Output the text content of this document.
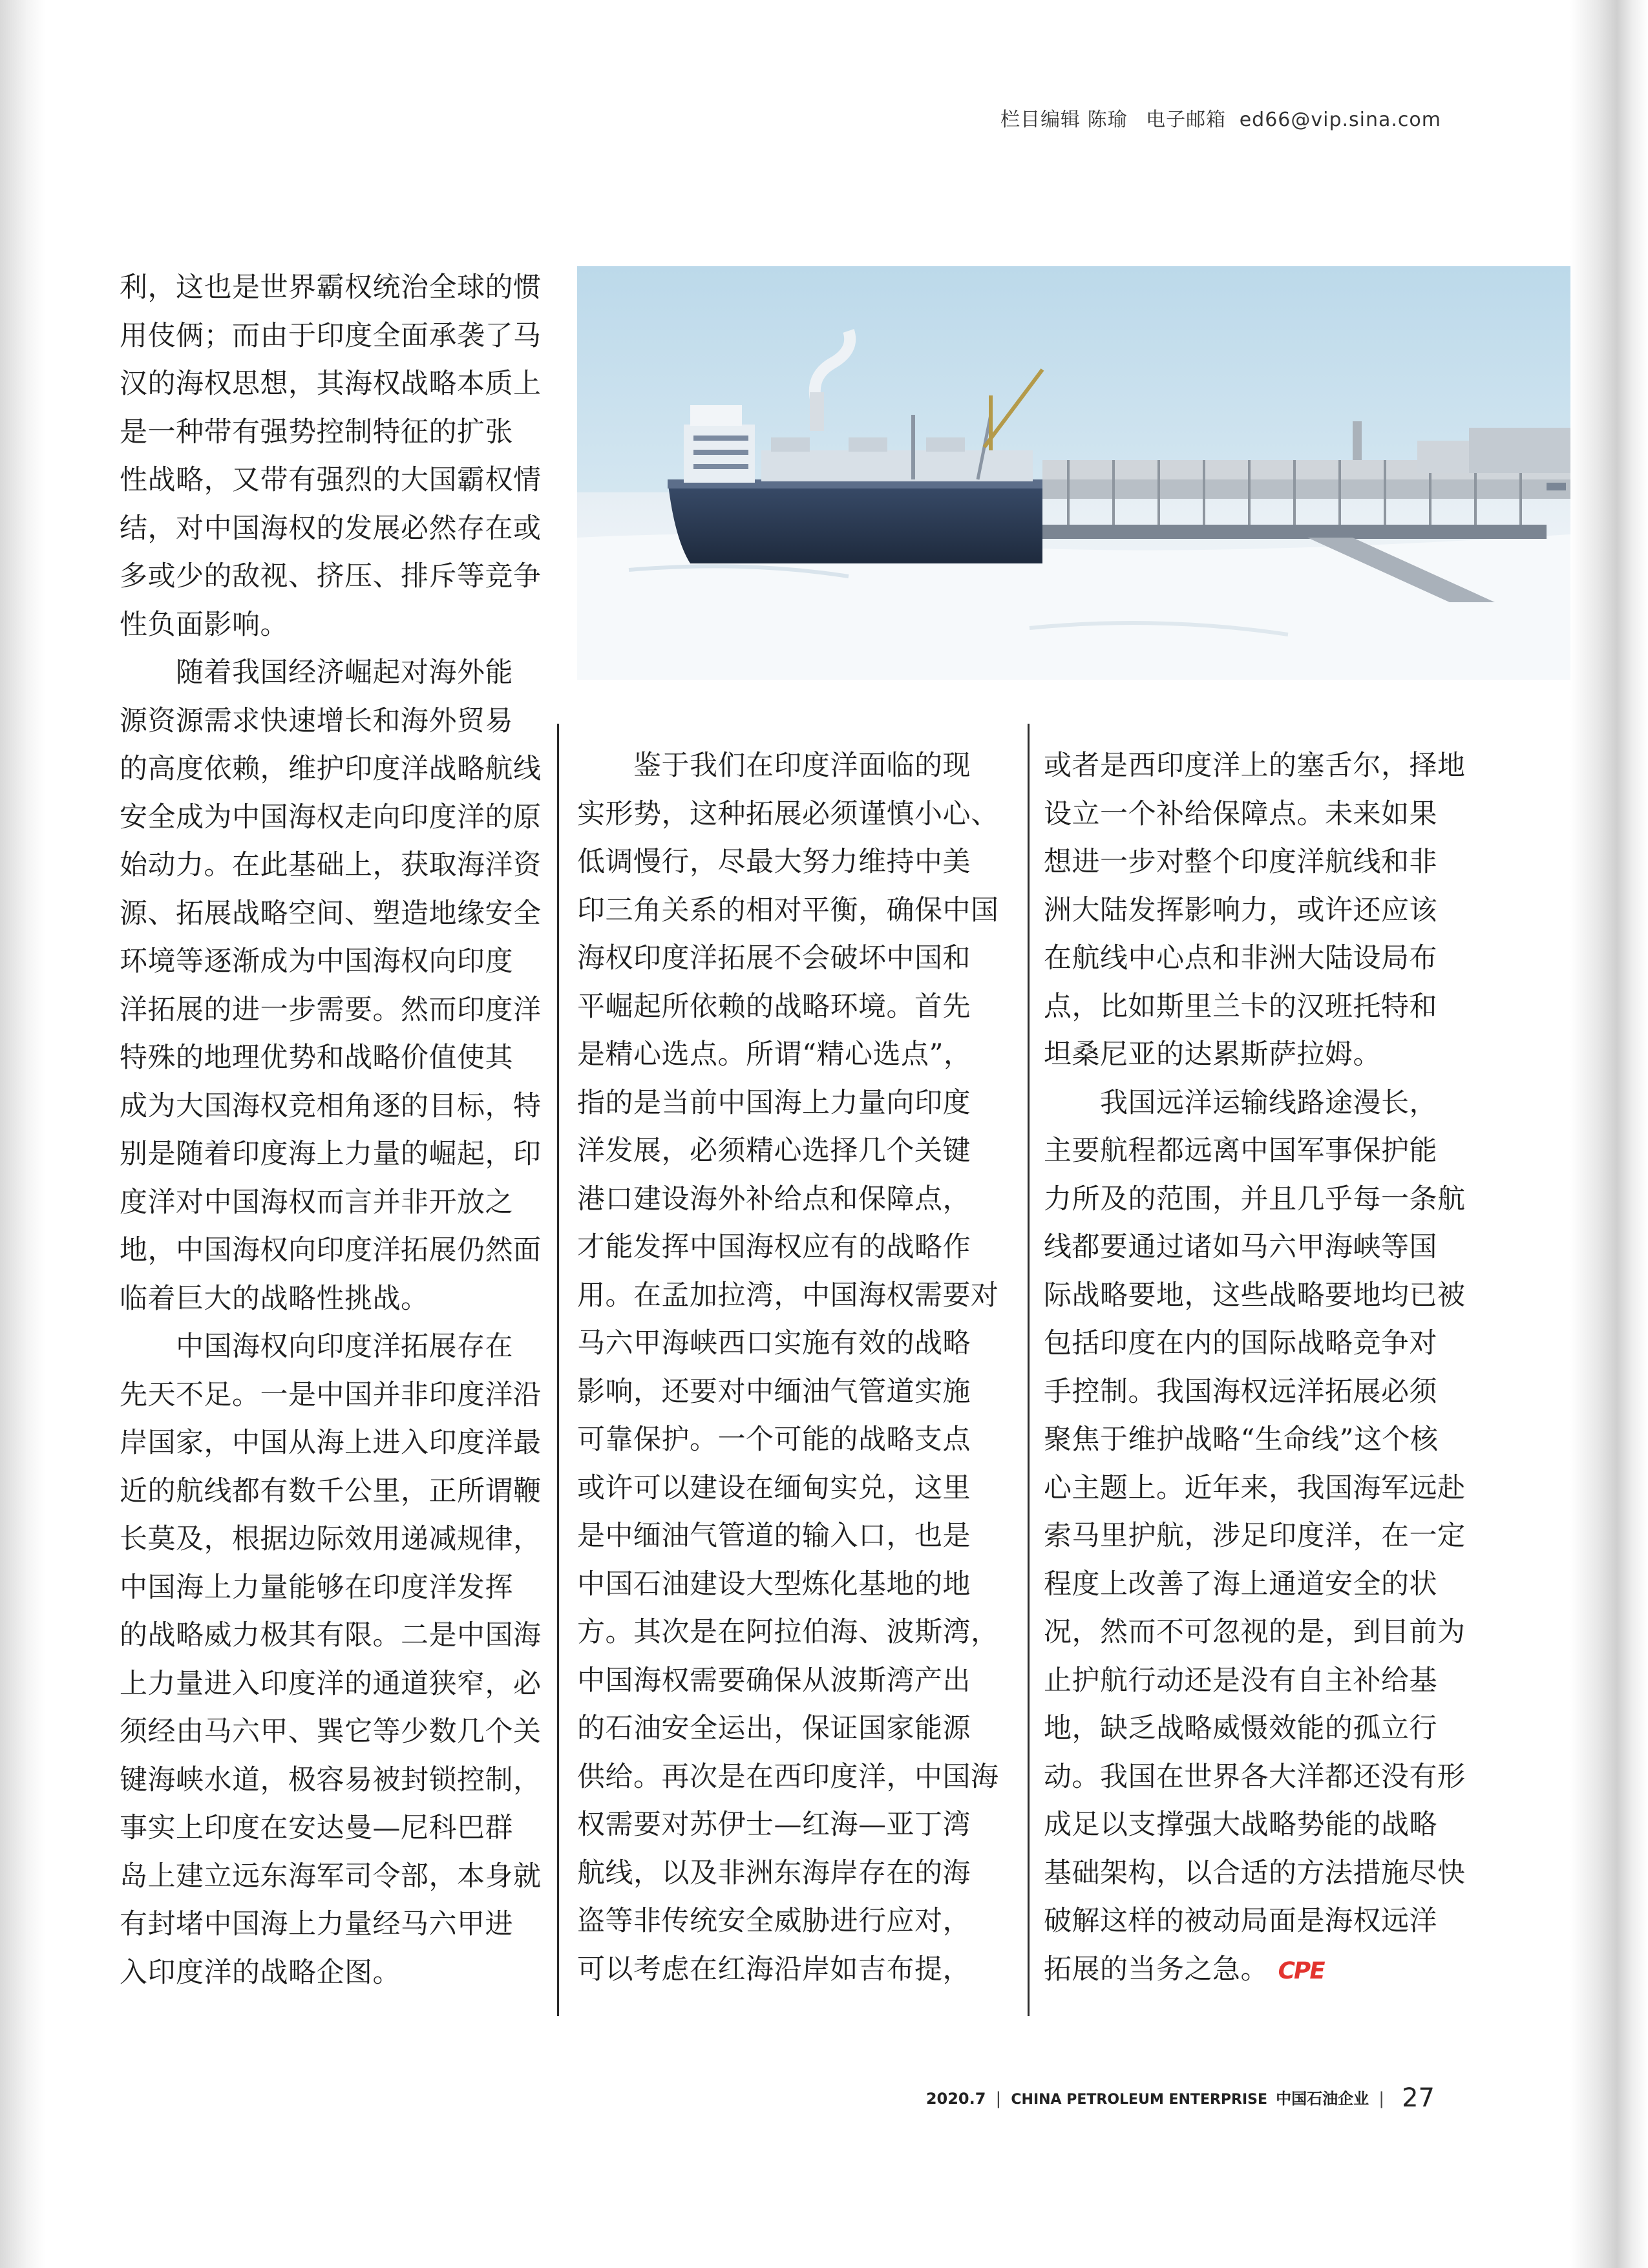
栏目编辑 陈瑜 电子邮箱 ed66@vip.sina.com

利，这也是世界霸权统治全球的惯

用伎俩；而由于印度全面承袭了马

汉的海权思想，其海权战略本质上

是一种带有强势控制特征的扩张

性战略，又带有强烈的大国霸权情

结，对中国海权的发展必然存在或

多或少的敌视、挤压、排斥等竞争

性负面影响。

　　随着我国经济崛起对海外能

源资源需求快速增长和海外贸易

的高度依赖，维护印度洋战略航线

安全成为中国海权走向印度洋的原

始动力。在此基础上，获取海洋资

源、拓展战略空间、塑造地缘安全

环境等逐渐成为中国海权向印度

洋拓展的进一步需要。然而印度洋

特殊的地理优势和战略价值使其

成为大国海权竞相角逐的目标，特

别是随着印度海上力量的崛起，印

度洋对中国海权而言并非开放之

地，中国海权向印度洋拓展仍然面

临着巨大的战略性挑战。

　　中国海权向印度洋拓展存在

先天不足。一是中国并非印度洋沿

岸国家，中国从海上进入印度洋最

近的航线都有数千公里，正所谓鞭

长莫及，根据边际效用递减规律，

中国海上力量能够在印度洋发挥

的战略威力极其有限。二是中国海

上力量进入印度洋的通道狭窄，必

须经由马六甲、巽它等少数几个关

键海峡水道，极容易被封锁控制，

事实上印度在安达曼—尼科巴群

岛上建立远东海军司令部，本身就

有封堵中国海上力量经马六甲进

入印度洋的战略企图。

　　鉴于我们在印度洋面临的现

实形势，这种拓展必须谨慎小心、

低调慢行，尽最大努力维持中美

印三角关系的相对平衡，确保中国

海权印度洋拓展不会破坏中国和

平崛起所依赖的战略环境。首先

是精心选点。所谓“精心选点”，

指的是当前中国海上力量向印度

洋发展，必须精心选择几个关键

港口建设海外补给点和保障点，

才能发挥中国海权应有的战略作

用。在孟加拉湾，中国海权需要对

马六甲海峡西口实施有效的战略

影响，还要对中缅油气管道实施

可靠保护。一个可能的战略支点

或许可以建设在缅甸实兑，这里

是中缅油气管道的输入口，也是

中国石油建设大型炼化基地的地

方。其次是在阿拉伯海、波斯湾，

中国海权需要确保从波斯湾产出

的石油安全运出，保证国家能源

供给。再次是在西印度洋，中国海

权需要对苏伊士—红海—亚丁湾

航线，以及非洲东海岸存在的海

盗等非传统安全威胁进行应对，

可以考虑在红海沿岸如吉布提，

或者是西印度洋上的塞舌尔，择地

设立一个补给保障点。未来如果

想进一步对整个印度洋航线和非

洲大陆发挥影响力，或许还应该

在航线中心点和非洲大陆设局布

点，比如斯里兰卡的汉班托特和

坦桑尼亚的达累斯萨拉姆。

　　我国远洋运输线路途漫长，

主要航程都远离中国军事保护能

力所及的范围，并且几乎每一条航

线都要通过诸如马六甲海峡等国

际战略要地，这些战略要地均已被

包括印度在内的国际战略竞争对

手控制。我国海权远洋拓展必须

聚焦于维护战略“生命线”这个核

心主题上。近年来，我国海军远赴

索马里护航，涉足印度洋，在一定

程度上改善了海上通道安全的状

况，然而不可忽视的是，到目前为

止护航行动还是没有自主补给基

地，缺乏战略威慑效能的孤立行

动。我国在世界各大洋都还没有形

成足以支撑强大战略势能的战略

基础架构，以合适的方法措施尽快

破解这样的被动局面是海权远洋

拓展的当务之急。 CPE

2020.7 | CHINA PETROLEUM ENTERPRISE 中国石油企业 | 27
